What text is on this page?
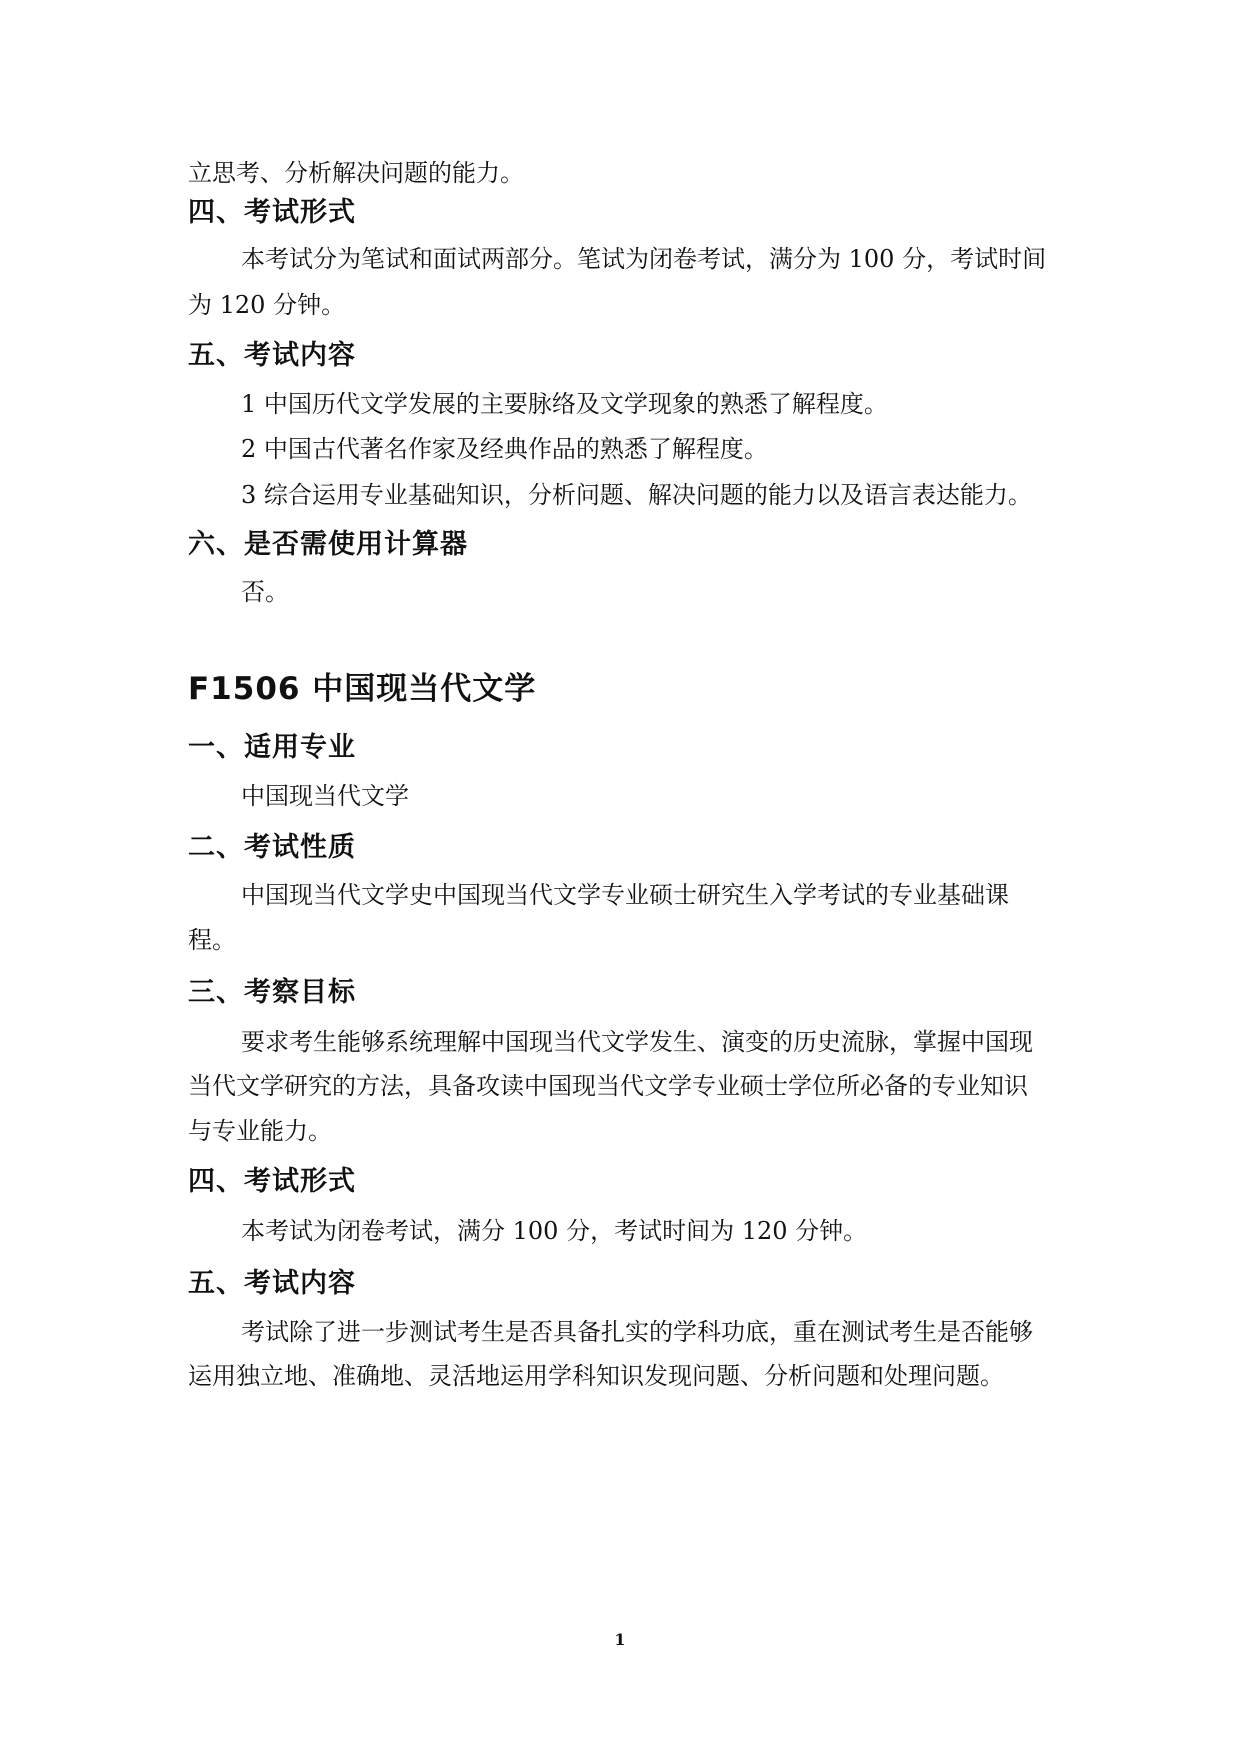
立思考、分析解决问题的能力。
四、考试形式
本考试分为笔试和面试两部分。笔试为闭卷考试，满分为 100 分，考试时间
为 120 分钟。
五、考试内容
1 中国历代文学发展的主要脉络及文学现象的熟悉了解程度。
2 中国古代著名作家及经典作品的熟悉了解程度。
3 综合运用专业基础知识，分析问题、解决问题的能力以及语言表达能力。
六、是否需使用计算器
否。
F1506 中国现当代文学
一、适用专业
中国现当代文学
二、考试性质
中国现当代文学史中国现当代文学专业硕士研究生入学考试的专业基础课
程。
三、考察目标
要求考生能够系统理解中国现当代文学发生、演变的历史流脉，掌握中国现
当代文学研究的方法，具备攻读中国现当代文学专业硕士学位所必备的专业知识
与专业能力。
四、考试形式
本考试为闭卷考试，满分 100 分，考试时间为 120 分钟。
五、考试内容
考试除了进一步测试考生是否具备扎实的学科功底，重在测试考生是否能够
运用独立地、准确地、灵活地运用学科知识发现问题、分析问题和处理问题。
1
